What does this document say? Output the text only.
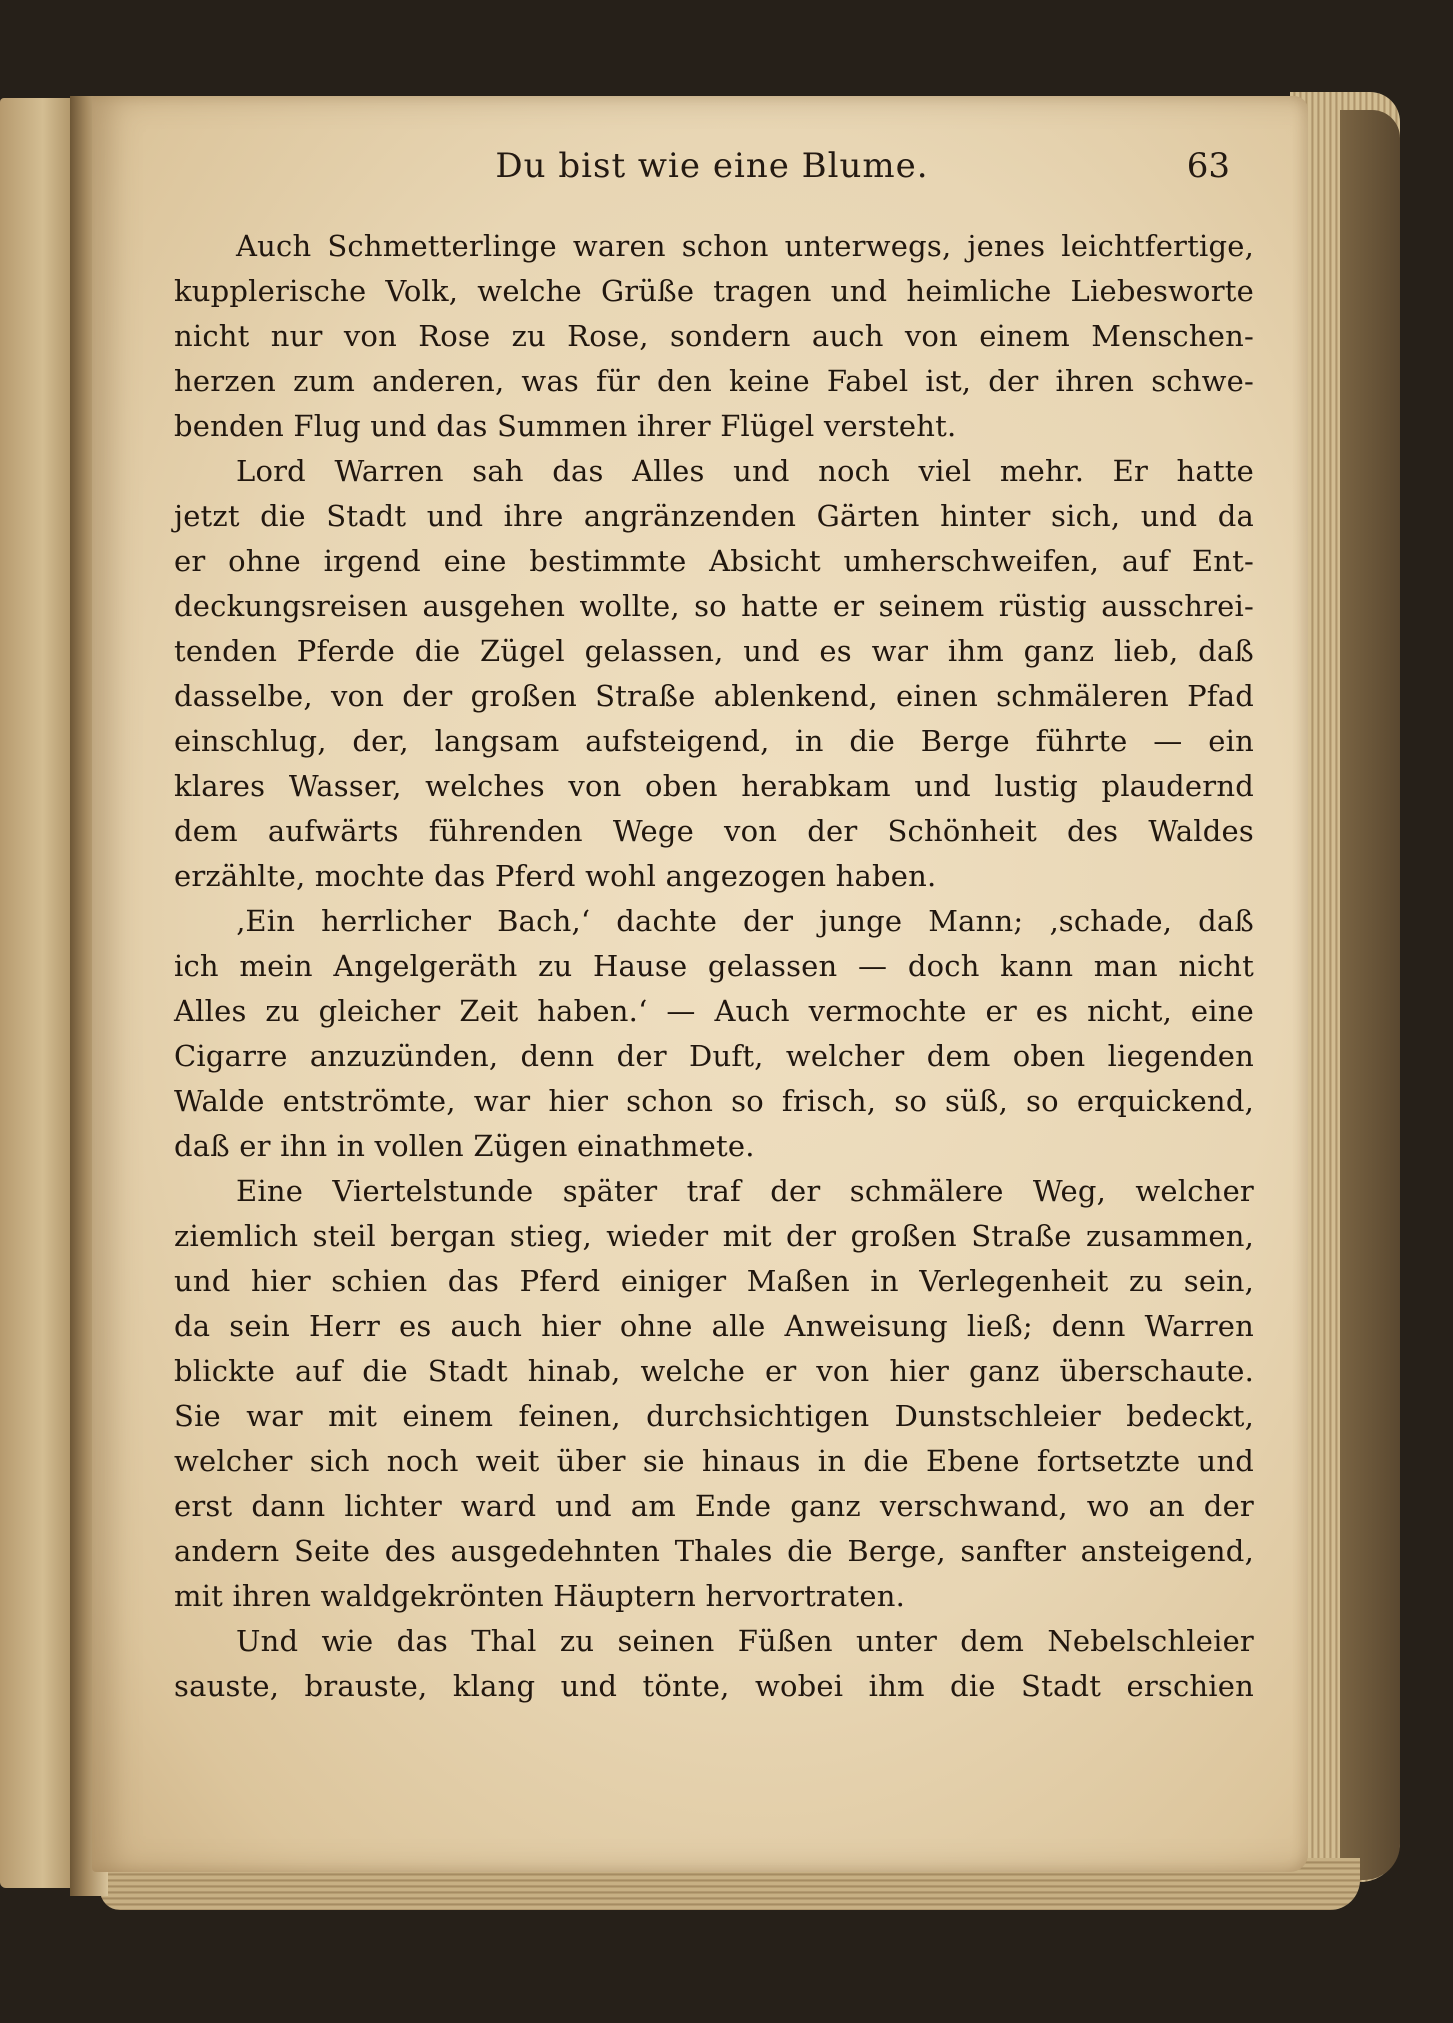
Du bist wie eine Blume.	63
Auch Schmetterlinge waren schon unterwegs, jenes leichtfertige,
kupplerische Volk, welche Grüße tragen und heimliche Liebesworte
nicht nur von Rose zu Rose, sondern auch von einem Menschen-
herzen zum anderen, was für den keine Fabel ist, der ihren schwe-
benden Flug und das Summen ihrer Flügel versteht.
Lord Warren sah das Alles und noch viel mehr. Er hatte
jetzt die Stadt und ihre angränzenden Gärten hinter sich, und da
er ohne irgend eine bestimmte Absicht umherschweifen, auf Ent-
deckungsreisen ausgehen wollte, so hatte er seinem rüstig ausschrei-
tenden Pferde die Zügel gelassen, und es war ihm ganz lieb, daß
dasselbe, von der großen Straße ablenkend, einen schmäleren Pfad
einschlug, der, langsam aufsteigend, in die Berge führte — ein
klares Wasser, welches von oben herabkam und lustig plaudernd
dem aufwärts führenden Wege von der Schönheit des Waldes
erzählte, mochte das Pferd wohl angezogen haben.
‚Ein herrlicher Bach,‘ dachte der junge Mann; ‚schade, daß
ich mein Angelgeräth zu Hause gelassen — doch kann man nicht
Alles zu gleicher Zeit haben.‘ — Auch vermochte er es nicht, eine
Cigarre anzuzünden, denn der Duft, welcher dem oben liegenden
Walde entströmte, war hier schon so frisch, so süß, so erquickend,
daß er ihn in vollen Zügen einathmete.
Eine Viertelstunde später traf der schmälere Weg, welcher
ziemlich steil bergan stieg, wieder mit der großen Straße zusammen,
und hier schien das Pferd einiger Maßen in Verlegenheit zu sein,
da sein Herr es auch hier ohne alle Anweisung ließ; denn Warren
blickte auf die Stadt hinab, welche er von hier ganz überschaute.
Sie war mit einem feinen, durchsichtigen Dunstschleier bedeckt,
welcher sich noch weit über sie hinaus in die Ebene fortsetzte und
erst dann lichter ward und am Ende ganz verschwand, wo an der
andern Seite des ausgedehnten Thales die Berge, sanfter ansteigend,
mit ihren waldgekrönten Häuptern hervortraten.
Und wie das Thal zu seinen Füßen unter dem Nebelschleier
sauste, brauste, klang und tönte, wobei ihm die Stadt erschien
